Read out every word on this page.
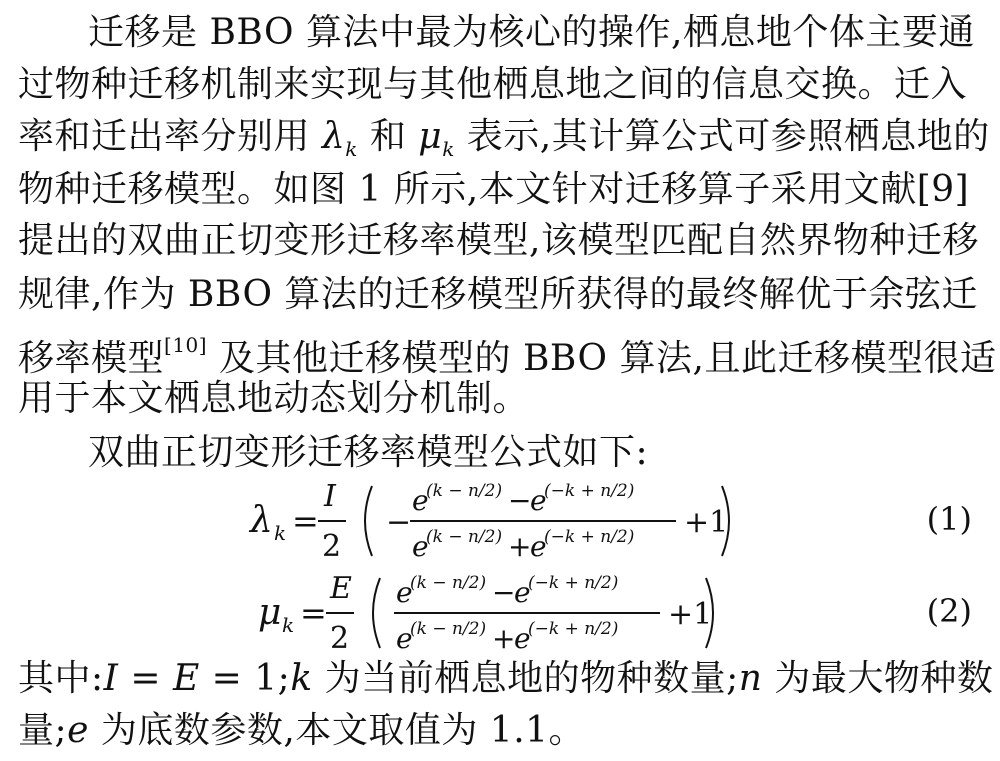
迁移是 BBO 算法中最为核心的操作,栖息地个体主要通
过物种迁移机制来实现与其他栖息地之间的信息交换。迁入
率和迁出率分别用 $\lambda_k$ 和 $\mu_k$ 表示,其计算公式可参照栖息地的
物种迁移模型。如图 1 所示,本文针对迁移算子采用文献[9]
提出的双曲正切变形迁移率模型,该模型匹配自然界物种迁移
规律,作为 BBO 算法的迁移模型所获得的最终解优于余弦迁
移率模型[10] 及其他迁移模型的 BBO 算法,且此迁移模型很适
用于本文栖息地动态划分机制。
双曲正切变形迁移率模型公式如下:
λ k =
I
2
−
e
(k − n/2) −
e
(−k + n/2)
e
(k − n/2) +
e
(−k + n/2) +1	(1)
μ k =
E
2
e
(k − n/2) −
e
(−k + n/2)
e
(k − n/2) +
e
(−k + n/2) +1	(2)
其中:I = E = 1;k 为当前栖息地的物种数量;n 为最大物种数
量;e 为底数参数,本文取值为 1.1。
